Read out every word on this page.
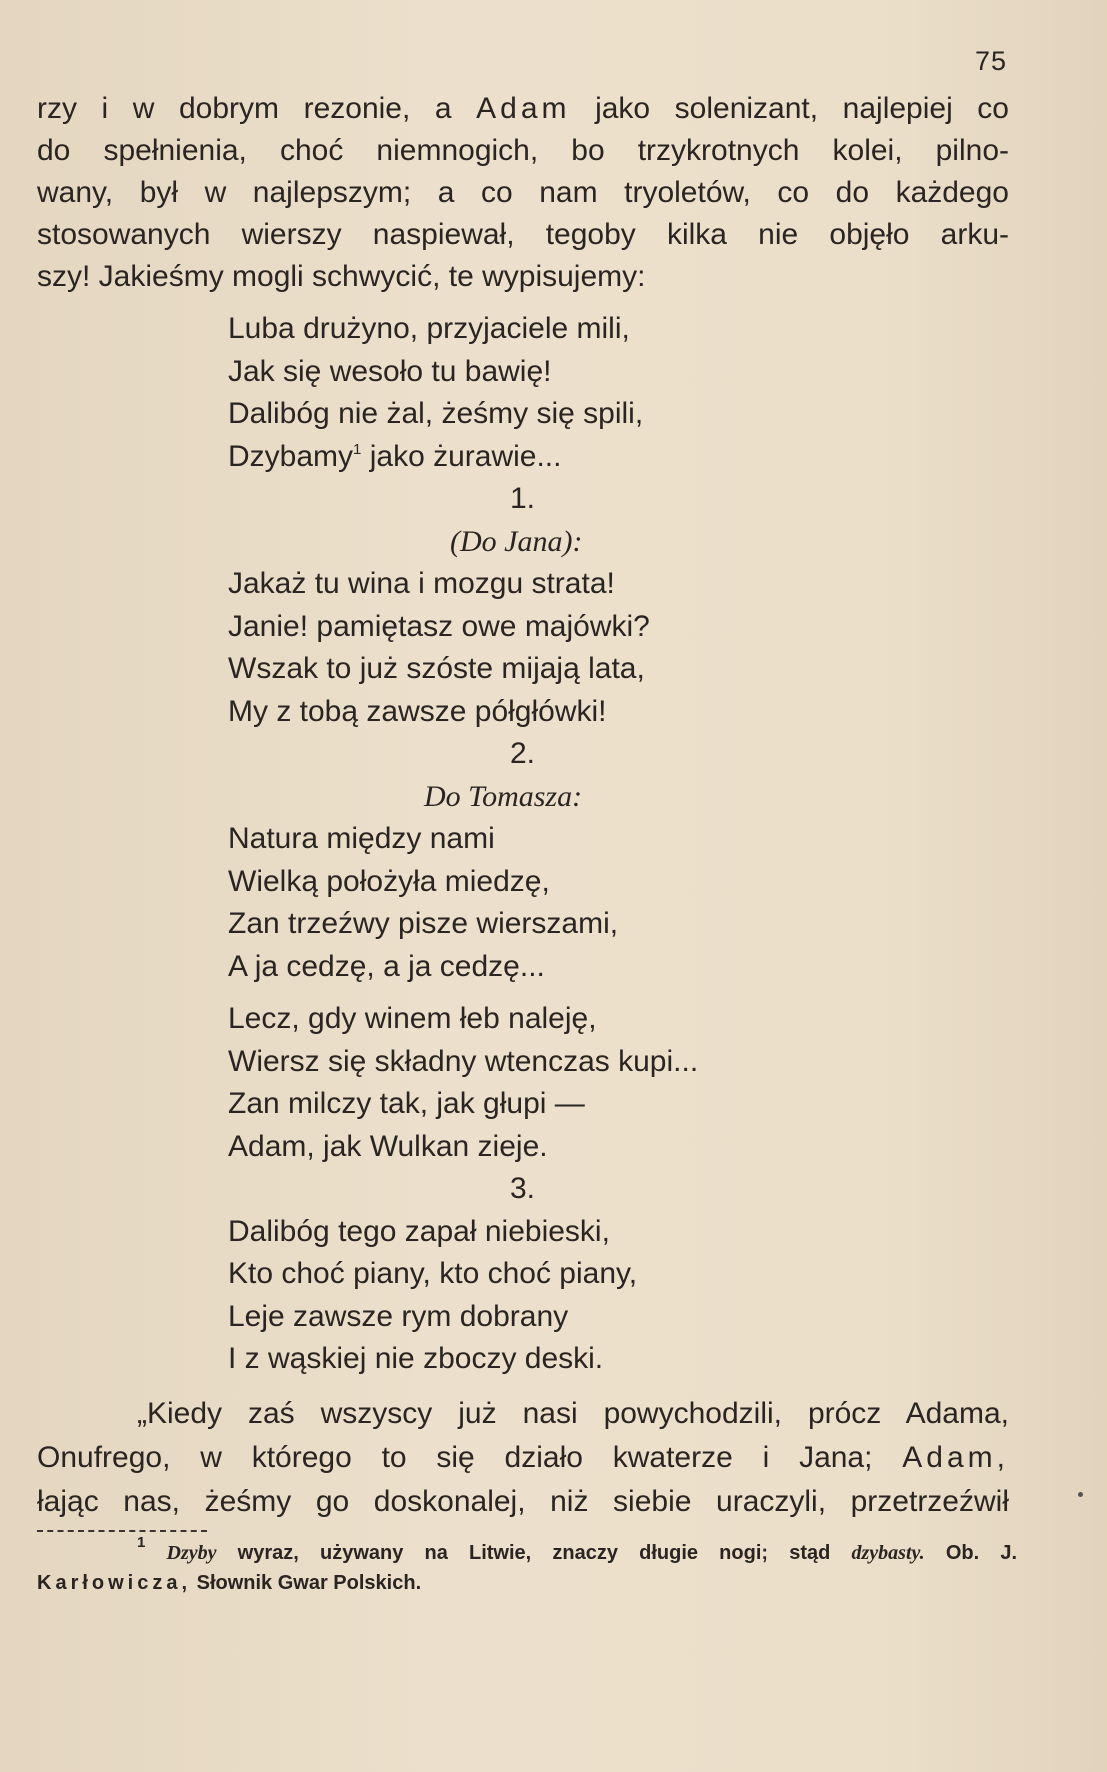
75
rzy i w dobrym rezonie, a Adam jako solenizant, najlepiej co
do spełnienia, choć niemnogich, bo trzykrotnych kolei, pilno-
wany, był w najlepszym; a co nam tryoletów, co do każdego
stosowanych wierszy naspiewał, tegoby kilka nie objęło arku-
szy! Jakieśmy mogli schwycić, te wypisujemy:
Luba drużyno, przyjaciele mili,
Jak się wesoło tu bawię!
Dalibóg nie żal, żeśmy się spili,
Dzybamy$^1$ jako żurawie...
1.
(Do Jana):
Jakaż tu wina i mozgu strata!
Janie! pamiętasz owe majówki?
Wszak to już szóste mijają lata,
My z tobą zawsze półgłówki!
2.
Do Tomasza:
Natura między nami
Wielką położyła miedzę,
Zan trzeźwy pisze wierszami,
A ja cedzę, a ja cedzę...
Lecz, gdy winem łeb naleję,
Wiersz się składny wtenczas kupi...
Zan milczy tak, jak głupi —
Adam, jak Wulkan zieje.
3.
Dalibóg tego zapał niebieski,
Kto choć piany, kto choć piany,
Leje zawsze rym dobrany
I z wąskiej nie zboczy deski.
„Kiedy zaś wszyscy już nasi powychodzili, prócz Adama,
Onufrego, w którego to się działo kwaterze i Jana; Adam,
łając nas, żeśmy go doskonalej, niż siebie uraczyli, przetrzeźwił
$^1$ Dzyby wyraz, używany na Litwie, znaczy długie nogi; stąd dzybasty. Ob. J.
Karłowicza, Słownik Gwar Polskich.
